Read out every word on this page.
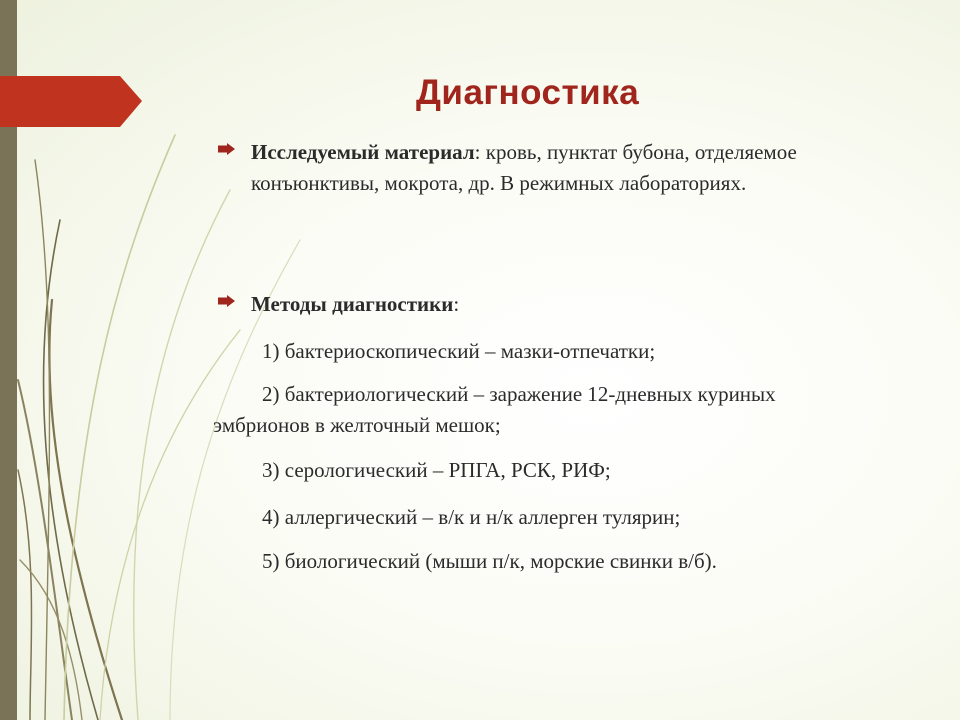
Диагностика

Исследуемый материал: кровь, пунктат бубона, отделяемое конъюнктивы, мокрота, др. В режимных лабораториях.

Методы диагностики:

1) бактериоскопический – мазки-отпечатки;

2) бактериологический – заражение 12-дневных куриных эмбрионов в желточный мешок;

3) серологический – РПГА, РСК, РИФ;

4) аллергический – в/к и н/к аллерген тулярин;

5) биологический (мыши п/к, морские свинки в/б).
